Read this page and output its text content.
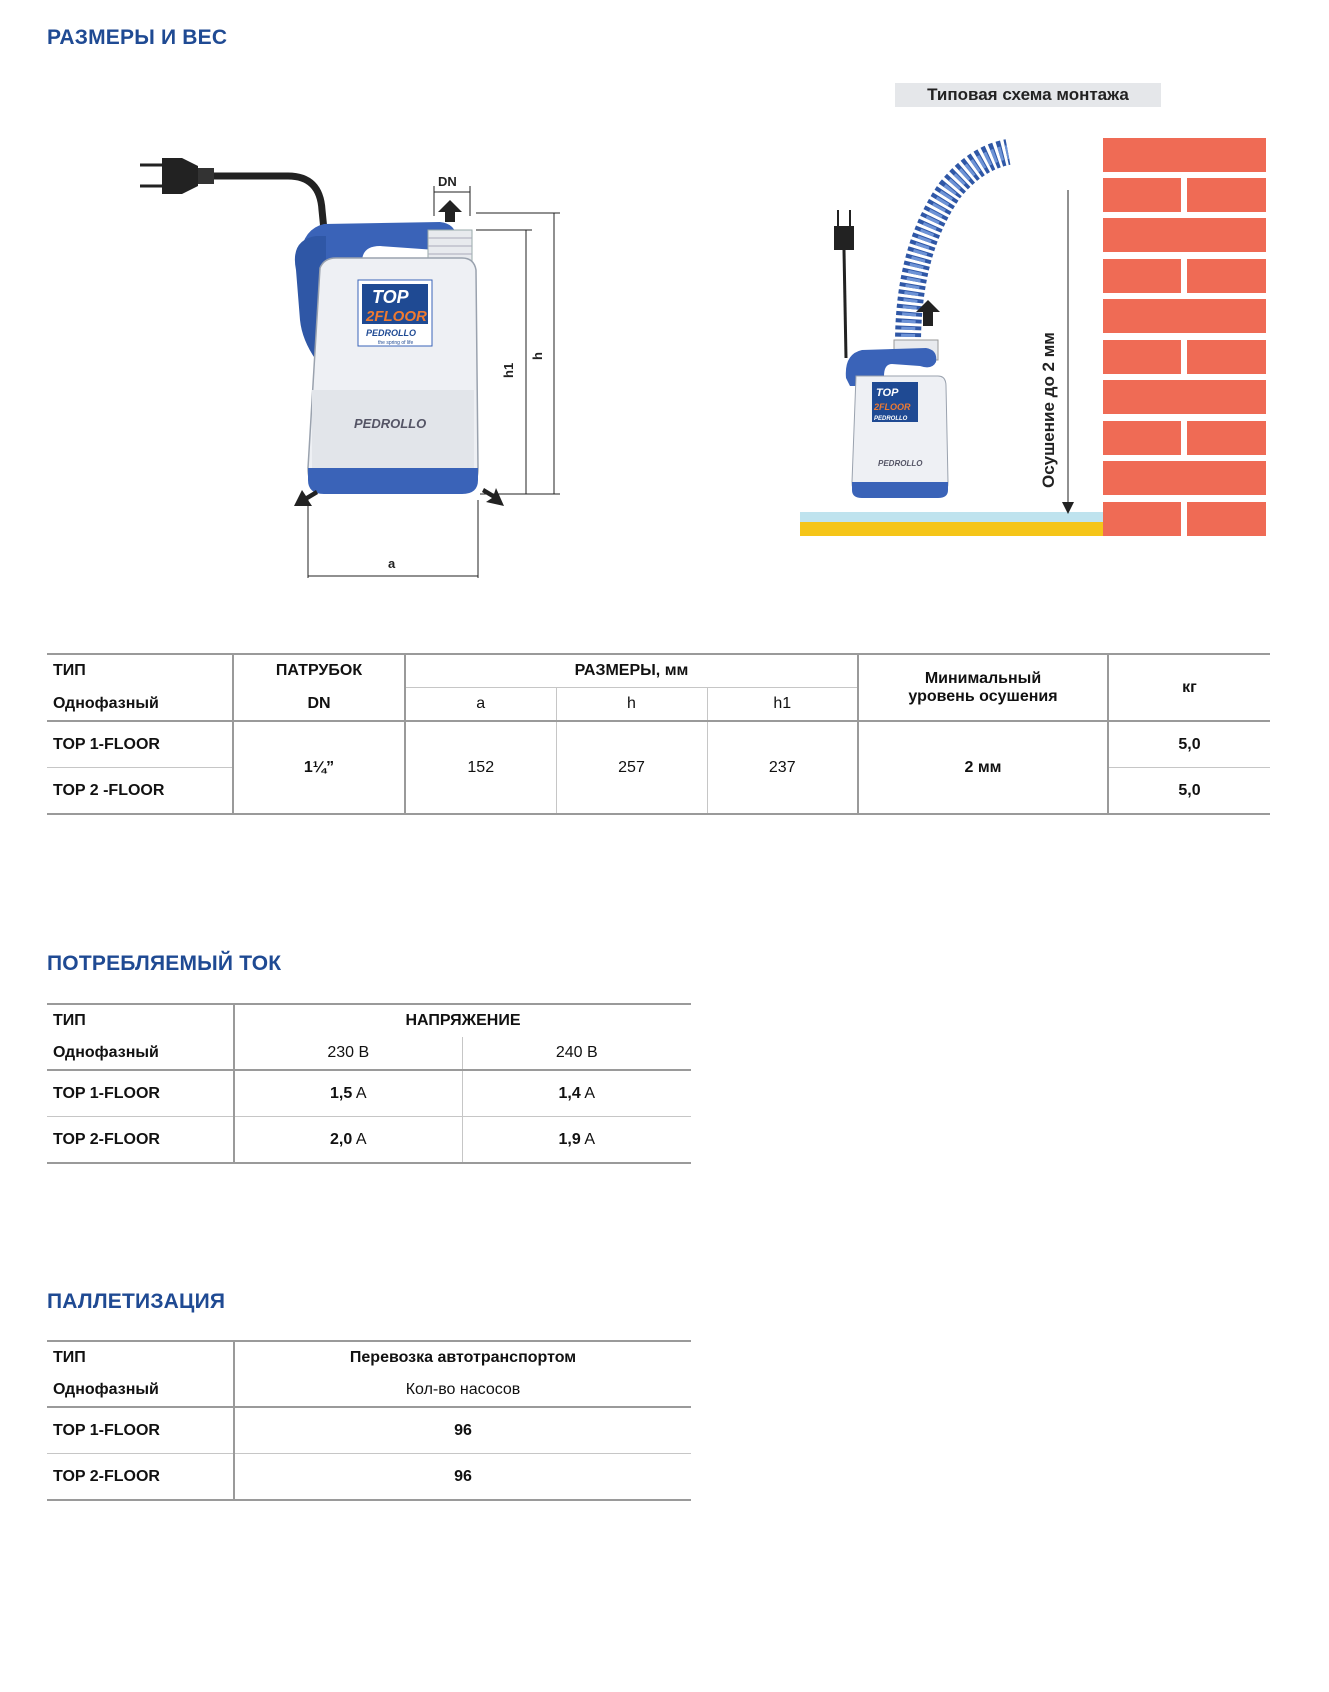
РАЗМЕРЫ И ВЕС
TOP
2FLOOR
PEDROLLO
the spring of life
PEDROLLO
DN
h1
h
a
Типовая схема монтажа
TOP
2FLOOR
PEDROLLO
PEDROLLO	Осушение до 2 мм
ТИП	ПАТРУБОК	РАЗМЕРЫ, мм			Минимальный
уровень осушения	кг
Однофазный	DN	a	h	h1		
TOP 1-FLOOR	1¼”	152	257	237	2 мм	5,0
TOP 2 -FLOOR						5,0
ПОТРЕБЛЯЕМЫЙ ТОК
ТИП	НАПРЯЖЕНИЕ	
Однофазный	230 В	240 В
TOP 1-FLOOR	1,5 A	1,4 A
TOP 2-FLOOR	2,0 A	1,9 A
ПАЛЛЕТИЗАЦИЯ
ТИП	Перевозка автотранспортом
Однофазный	Кол-во насосов
TOP 1-FLOOR	96
TOP 2-FLOOR	96
